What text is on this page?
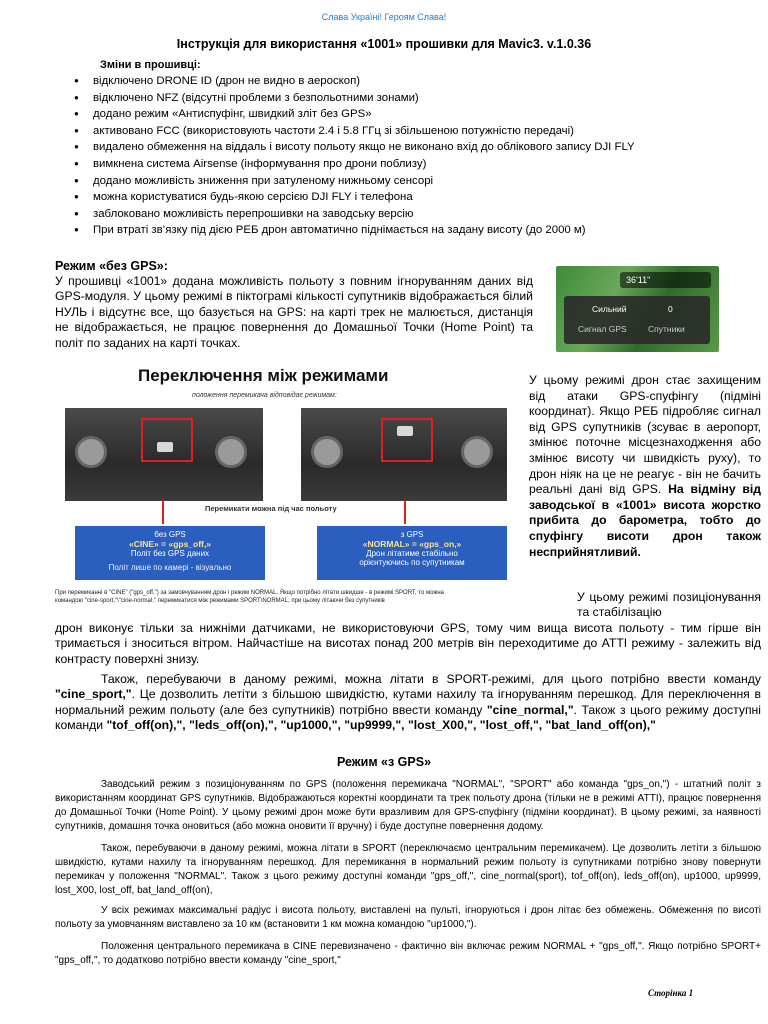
Слава Україні! Героям Слава!
Інструкція для використання «1001» прошивки для Mavic3. v.1.0.36
Зміни в прошивці:
● відключено DRONE ID (дрон не видно в аероскоп)
● відключено NFZ (відсутні проблеми з безпольотними зонами)
● додано режим «Антиспуфінг, швидкий зліт без GPS»
● активовано FCC (використовують частоти 2.4 і 5.8 ГГц зі збільшеною потужністю передачі)
● видалено обмеження на віддаль і висоту польоту якщо не виконано вхід до облікового запису DJI FLY
● вимкнена система Airsense (інформування про дрони поблизу)
● додано можливість зниження при затуленому нижньому сенсорі
● можна користуватися будь-якою серсією DJI FLY і телефона
● заблоковано можливість перепрошивки на заводську версію
● При втраті зв’язку під дією РЕБ дрон автоматично піднімається на задану висоту (до 2000 м)
Режим «без GPS»:
У прошивці «1001» додана можливість польоту з повним ігноруванням даних від GPS-модуля. У цьому режимі в піктограмі кількості супутників відображається білий НУЛЬ і відсутнє все, що базується на GPS: на карті трек не малюється, дистанція не відображається, не працює повернення до Домашньої Точки (Home Point) та політ по заданих на карті точках.
36'11"
Сильний	0
Сигнал GPS	Спутники
Переключення між режимами
положення перемикача відповідає режимам:
Перемикати можна під час польоту
без GPS
«CINE» = «gps_off,»
Політ без GPS даних
Політ лише по камері - візуально
з GPS
«NORMAL» = «gps_on,»
Дрон літатиме стабільно
орієнтуючись по супутникам
При перемиканні в "CINE" ("gps_off,") за замовчуванням дрон і режим NORMAL. Якщо потрібно літати швидше - в режимі SPORT, то можна командою "cine-sport,"\"cine-normal," перемикатися між режимами SPORT\NORMAL, при цьому літаючи без супутників
У цьому режимі дрон стає захищеним від атаки GPS-спуфінгу (підміні координат). Якщо РЕБ підробляє сигнал від GPS супутників (зсуває в аеропорт, змінює поточне місцезнаходження або змінює висоту чи швидкість руху), то дрон ніяк на це не реагує - він не бачить реальні дані від GPS. На відміну від заводської в «1001» висота жорстко прибита до барометра, тобто до спуфінгу висоти дрон також несприйнятливий.
У цьому режимі позиціонування та стабілізацію
дрон виконує тільки за нижніми датчиками, не використовуючи GPS, тому чим вища висота польоту - тим гірше він тримається і зноситься вітром. Найчастіше на висотах понад 200 метрів він переходитиме до ATTI режиму - залежить від контрасту поверхні знизу.
Також, перебуваючи в даному режимі, можна літати в SPORT-режимі, для цього потрібно ввести команду "cine_sport,". Це дозволить летіти з більшою швидкістю, кутами нахилу та ігноруванням перешкод. Для переключення в нормальний режим польоту (але без супутників) потрібно ввести команду "cine_normal,". Також з цього режиму доступні команди "tof_off(on),", "leds_off(on),", "up1000,", "up9999,", "lost_X00,", "lost_off,", "bat_land_off(on),"
Режим «з GPS»
Заводський режим з позиціонуванням по GPS (положення перемикача "NORMAL", "SPORT" або команда "gps_on,") - штатний політ з використанням координат GPS супутників. Відображаються коректні координати та трек польоту дрона (тільки не в режимі ATTI), працює повернення до Домашньої Точки (Home Point). У цьому режимі дрон може бути вразливим для GPS-спуфінгу (підміни координат). В цьому режимі, за наявності супутників, домашня точка оновиться (або можна оновити її вручну) і буде доступне повернення додому.
Також, перебуваючи в даному режимі, можна літати в SPORT (переключаємо центральним перемикачем). Це дозволить летіти з більшою швидкістю, кутами нахилу та ігноруванням перешкод. Для перемикання в нормальний режим польоту із супутниками потрібно знову повернути перемикач у положення "NORMAL". Також з цього режиму доступні команди "gps_off,", cine_normal(sport), tof_off(on), leds_off(on), up1000, up9999, lost_X00, lost_off, bat_land_off(on),
У всіх режимах максимальні радіус і висота польоту, виставлені на пульті, ігноруються і дрон літає без обмежень. Обмеження по висоті польоту за умовчанням виставлено за 10 км (встановити 1 км можна командою "up1000,").
Положення центрального перемикача в CINE перевизначено - фактично він включає режим NORMAL + "gps_off,". Якщо потрібно SPORT+ "gps_off,", то додатково потрібно ввести команду "cine_sport,"
Сторінка 1
